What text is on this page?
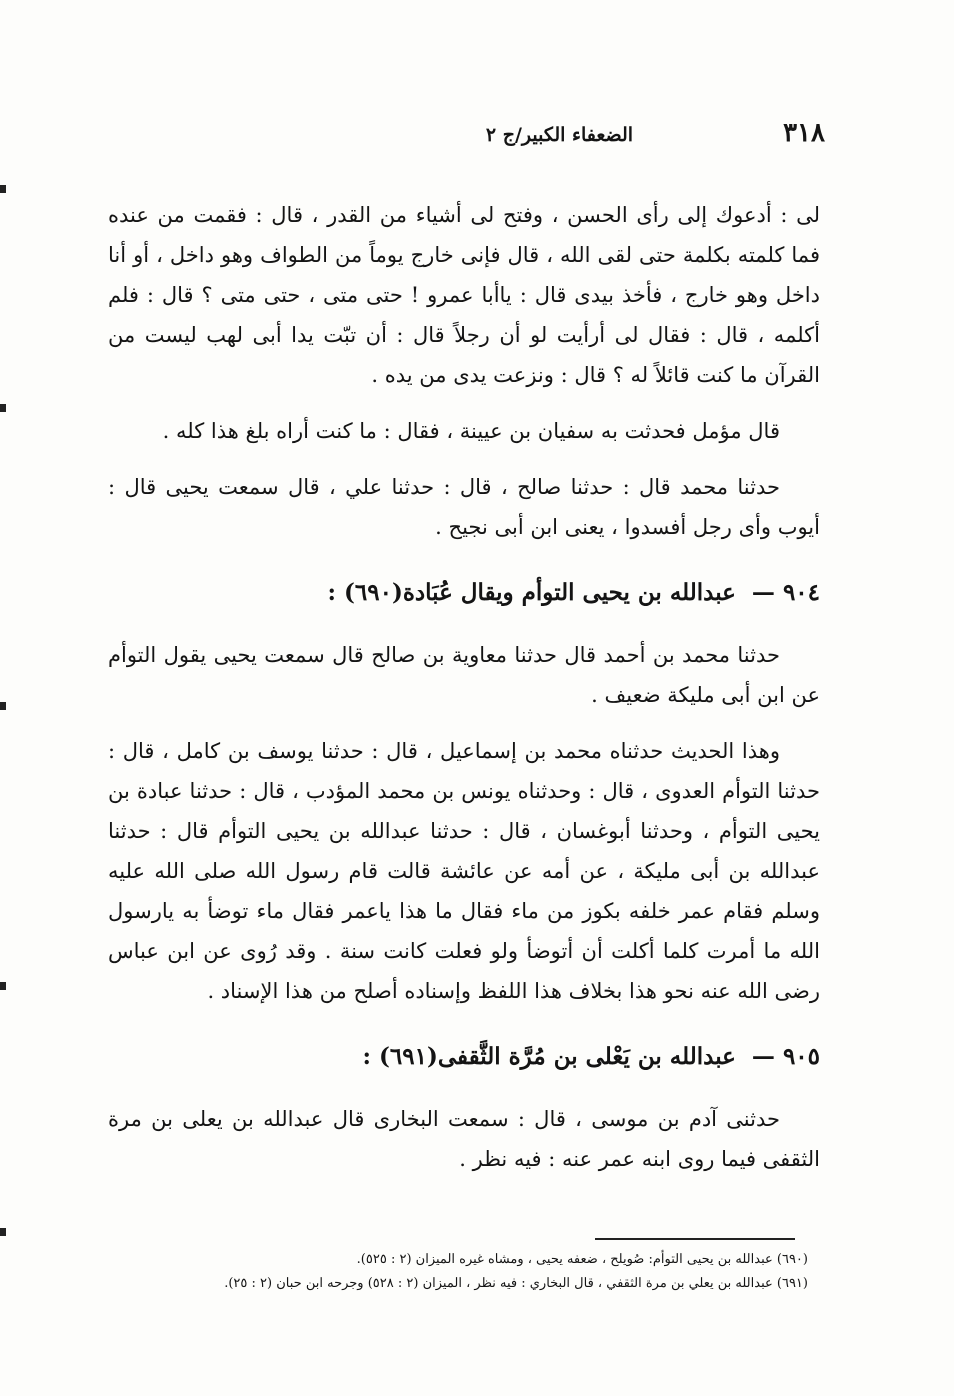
٣١٨
الضعفاء الكبير/ج ٢

لى : أدعوك إلى رأى الحسن ، وفتح لى أشياء من القدر ، قال : فقمت من عنده فما كلمته بكلمة حتى لقى الله ، قال فإنى خارج يوماً من الطواف وهو داخل ، أو أنا داخل وهو خارج ، فأخذ بيدى قال : ياأبا عمرو ! حتى متى ، حتى متى ؟ قال : فلم أكلمه ، قال : فقال لى أرأيت لو أن رجلاً قال : أن تبّت يدا أبى لهب ليست من القرآن ما كنت قائلاً له ؟ قال : ونزعت يدى من يده .

قال مؤمل فحدثت به سفيان بن عيينة ، فقال : ما كنت أراه بلغ هذا كله .

حدثنا محمد قال : حدثنا صالح ، قال : حدثنا علي ، قال سمعت يحيى قال : أيوب وأى رجل أفسدوا ، يعنى ابن أبى نجيح .

٩٠٤ — عبدالله بن يحيى التوأم ويقال عُبَادة(٦٩٠) :

حدثنا محمد بن أحمد قال حدثنا معاوية بن صالح قال سمعت يحيى يقول التوأم عن ابن أبى مليكة ضعيف .

وهذا الحديث حدثناه محمد بن إسماعيل ، قال : حدثنا يوسف بن كامل ، قال : حدثنا التوأم العدوى ، قال : وحدثناه يونس بن محمد المؤدب ، قال : حدثنا عبادة بن يحيى التوأم ، وحدثنا أبوغسان ، قال : حدثنا عبدالله بن يحيى التوأم قال : حدثنا عبدالله بن أبى مليكة ، عن أمه عن عائشة قالت قام رسول الله صلى الله عليه وسلم فقام عمر خلفه بكوز من ماء فقال ما هذا ياعمر فقال ماء توضأ به يارسول الله ما أمرت كلما أكلت أن أتوضأ ولو فعلت كانت سنة . وقد رُوى عن ابن عباس رضى الله عنه نحو هذا بخلاف هذا اللفظ وإسناده أصلح من هذا الإسناد .

٩٠٥ — عبدالله بن يَعْلى بن مُرَّة الثَّقفى(٦٩١) :

حدثنى آدم بن موسى ، قال : سمعت البخارى قال عبدالله بن يعلى بن مرة الثقفى فيما روى ابنه عمر عنه : فيه نظر .

(٦٩٠) عبدالله بن يحيى التوأم: صُويلح ، ضعفه يحيى ، ومشاه غيره الميزان (٢ : ٥٢٥).

(٦٩١) عبدالله بن يعلي بن مرة الثقفي ، قال البخاري : فيه نظر ، الميزان (٢ : ٥٢٨) وجرحه ابن حبان (٢ : ٢٥).
